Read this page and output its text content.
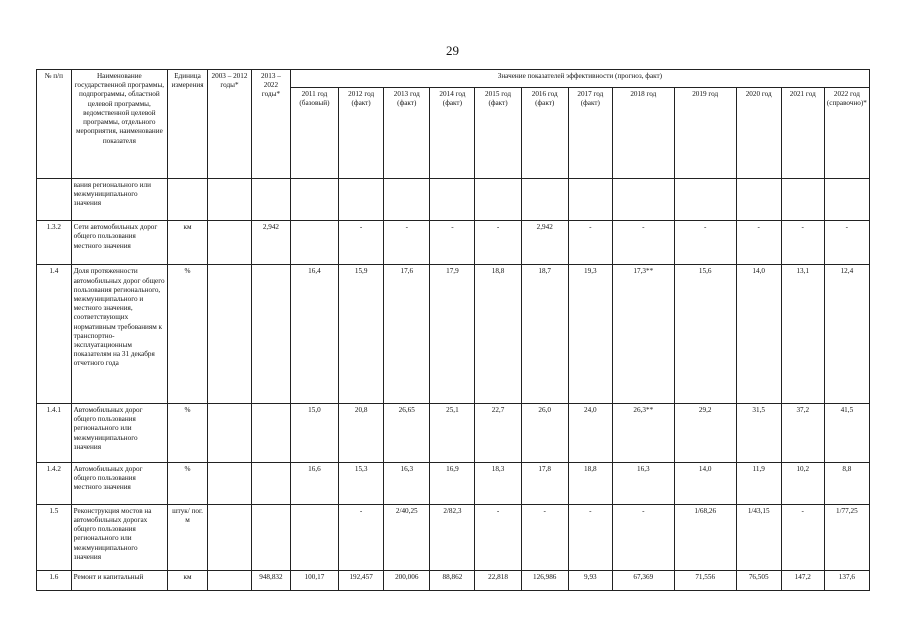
29
№ п/п	Наименование государственной программы, подпрограммы, областной целевой программы, ведомственной целевой программы, отдельного мероприятия, наименование показателя	Единица измерения	2003 – 2012 годы*	2013 – 2022 годы*	Значение показателей эффективности (прогноз, факт)											
					2011 год (базовый)	2012 год (факт)	2013 год (факт)	2014 год (факт)	2015 год (факт)	2016 год (факт)	2017 год (факт)	2018 год	2019 год	2020 год	2021 год	2022 год (справочно)*
	вания регионального или межмуниципального значения															
1.3.2	Сети автомобильных дорог общего пользования местного значения	км		2,942		-	-	-	-	2,942	-	-	-	-	-	-
1.4	Доля протяженности автомобильных дорог общего пользования регионального, межмуниципального и местного значения, соответствующих нормативным требованиям к транспортно-эксплуатационным показателям на 31 декабря отчетного года	%			16,4	15,9	17,6	17,9	18,8	18,7	19,3	17,3**	15,6	14,0	13,1	12,4
1.4.1	Автомобильных дорог общего пользования регионального или межмуниципального значения	%			15,0	20,8	26,65	25,1	22,7	26,0	24,0	26,3**	29,2	31,5	37,2	41,5
1.4.2	Автомобильных дорог общего пользования местного значения	%			16,6	15,3	16,3	16,9	18,3	17,8	18,8	16,3	14,0	11,9	10,2	8,8
1.5	Реконструкция мостов на автомобильных дорогах общего пользования регионального или межмуниципального значения	штук/ пог. м				-	2/40,25	2/82,3	-	-	-	-	1/68,26	1/43,15	-	1/77,25
1.6	Ремонт и капитальный	км		948,832	100,17	192,457	200,006	88,862	22,818	126,986	9,93	67,369	71,556	76,505	147,2	137,6
